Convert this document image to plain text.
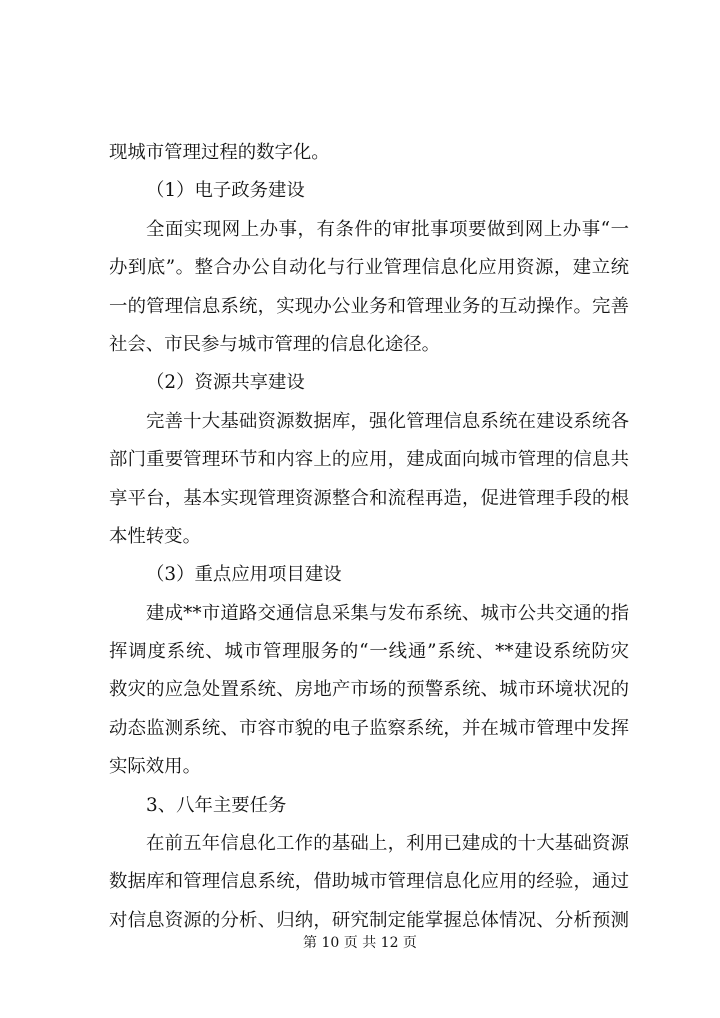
现城市管理过程的数字化。
（1）电子政务建设
全面实现网上办事，有条件的审批事项要做到网上办事“一
办到底”。整合办公自动化与行业管理信息化应用资源，建立统
一的管理信息系统，实现办公业务和管理业务的互动操作。完善
社会、市民参与城市管理的信息化途径。
（2）资源共享建设
完善十大基础资源数据库，强化管理信息系统在建设系统各
部门重要管理环节和内容上的应用，建成面向城市管理的信息共
享平台，基本实现管理资源整合和流程再造，促进管理手段的根
本性转变。
（3）重点应用项目建设
建成**市道路交通信息采集与发布系统、城市公共交通的指
挥调度系统、城市管理服务的“一线通”系统、**建设系统防灾
救灾的应急处置系统、房地产市场的预警系统、城市环境状况的
动态监测系统、市容市貌的电子监察系统，并在城市管理中发挥
实际效用。
3、八年主要任务
在前五年信息化工作的基础上，利用已建成的十大基础资源
数据库和管理信息系统，借助城市管理信息化应用的经验，通过
对信息资源的分析、归纳，研究制定能掌握总体情况、分析预测
第 10 页 共 12 页
